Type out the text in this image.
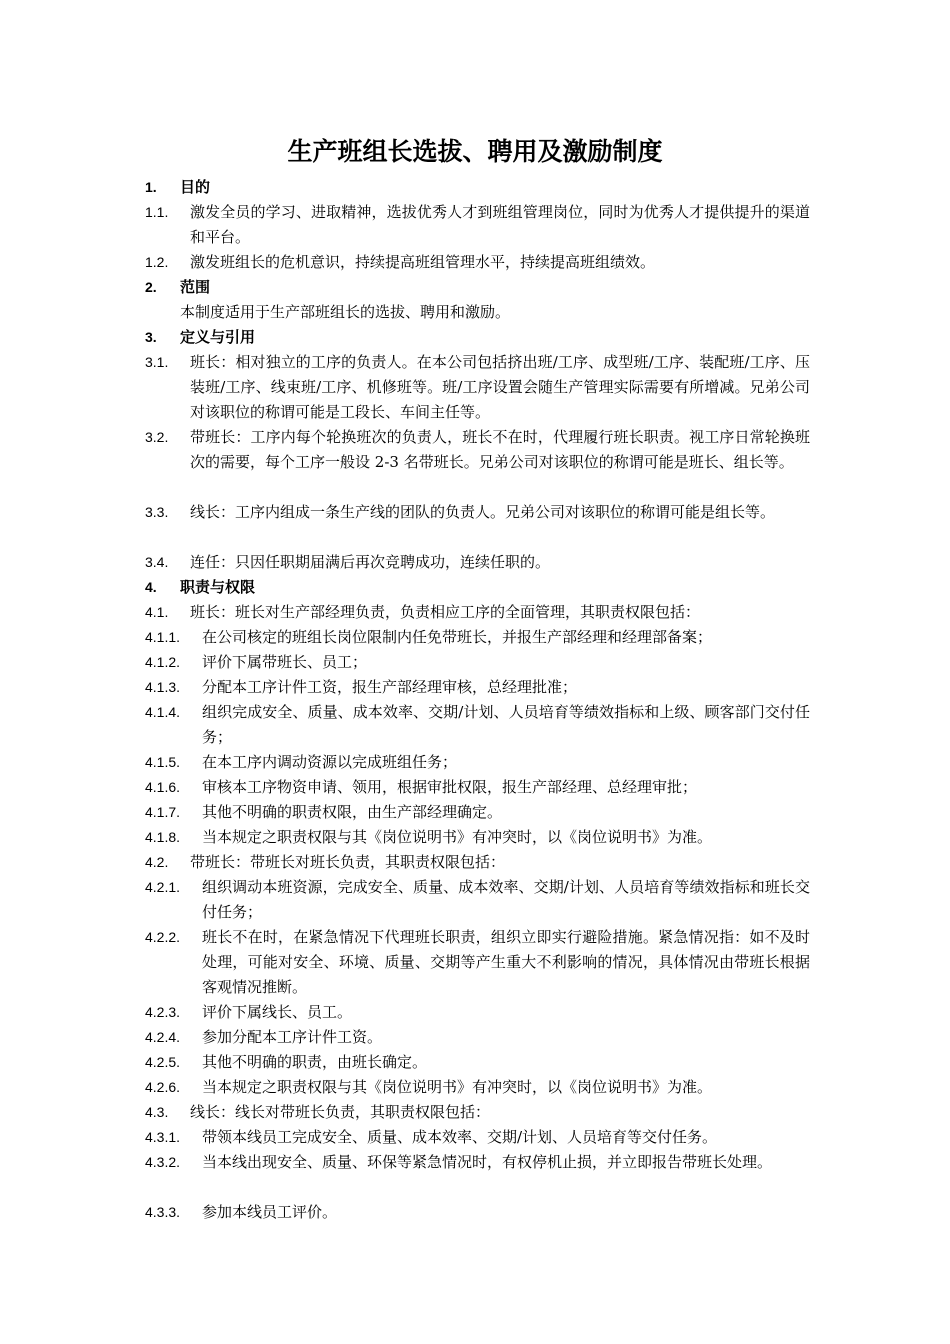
生产班组长选拔、聘用及激励制度
1. 目的
1.1. 激发全员的学习、进取精神，选拔优秀人才到班组管理岗位，同时为优秀人才提供提升的渠道和平台。
1.2. 激发班组长的危机意识，持续提高班组管理水平，持续提高班组绩效。
2. 范围
本制度适用于生产部班组长的选拔、聘用和激励。
3. 定义与引用
3.1. 班长：相对独立的工序的负责人。在本公司包括挤出班/工序、成型班/工序、装配班/工序、压装班/工序、线束班/工序、机修班等。班/工序设置会随生产管理实际需要有所增减。兄弟公司对该职位的称谓可能是工段长、车间主任等。
3.2. 带班长：工序内每个轮换班次的负责人，班长不在时，代理履行班长职责。视工序日常轮换班次的需要，每个工序一般设 2-3 名带班长。兄弟公司对该职位的称谓可能是班长、组长等。
3.3. 线长：工序内组成一条生产线的团队的负责人。兄弟公司对该职位的称谓可能是组长等。
3.4. 连任：只因任职期届满后再次竞聘成功，连续任职的。
4. 职责与权限
4.1. 班长：班长对生产部经理负责，负责相应工序的全面管理，其职责权限包括：
4.1.1. 在公司核定的班组长岗位限制内任免带班长，并报生产部经理和经理部备案；
4.1.2. 评价下属带班长、员工；
4.1.3. 分配本工序计件工资，报生产部经理审核，总经理批准；
4.1.4. 组织完成安全、质量、成本效率、交期/计划、人员培育等绩效指标和上级、顾客部门交付任务；
4.1.5. 在本工序内调动资源以完成班组任务；
4.1.6. 审核本工序物资申请、领用，根据审批权限，报生产部经理、总经理审批；
4.1.7. 其他不明确的职责权限，由生产部经理确定。
4.1.8. 当本规定之职责权限与其《岗位说明书》有冲突时，以《岗位说明书》为准。
4.2. 带班长：带班长对班长负责，其职责权限包括：
4.2.1. 组织调动本班资源，完成安全、质量、成本效率、交期/计划、人员培育等绩效指标和班长交付任务；
4.2.2. 班长不在时，在紧急情况下代理班长职责，组织立即实行避险措施。紧急情况指：如不及时处理，可能对安全、环境、质量、交期等产生重大不利影响的情况，具体情况由带班长根据客观情况推断。
4.2.3. 评价下属线长、员工。
4.2.4. 参加分配本工序计件工资。
4.2.5. 其他不明确的职责，由班长确定。
4.2.6. 当本规定之职责权限与其《岗位说明书》有冲突时，以《岗位说明书》为准。
4.3. 线长：线长对带班长负责，其职责权限包括：
4.3.1. 带领本线员工完成安全、质量、成本效率、交期/计划、人员培育等交付任务。
4.3.2. 当本线出现安全、质量、环保等紧急情况时，有权停机止损，并立即报告带班长处理。
4.3.3. 参加本线员工评价。
